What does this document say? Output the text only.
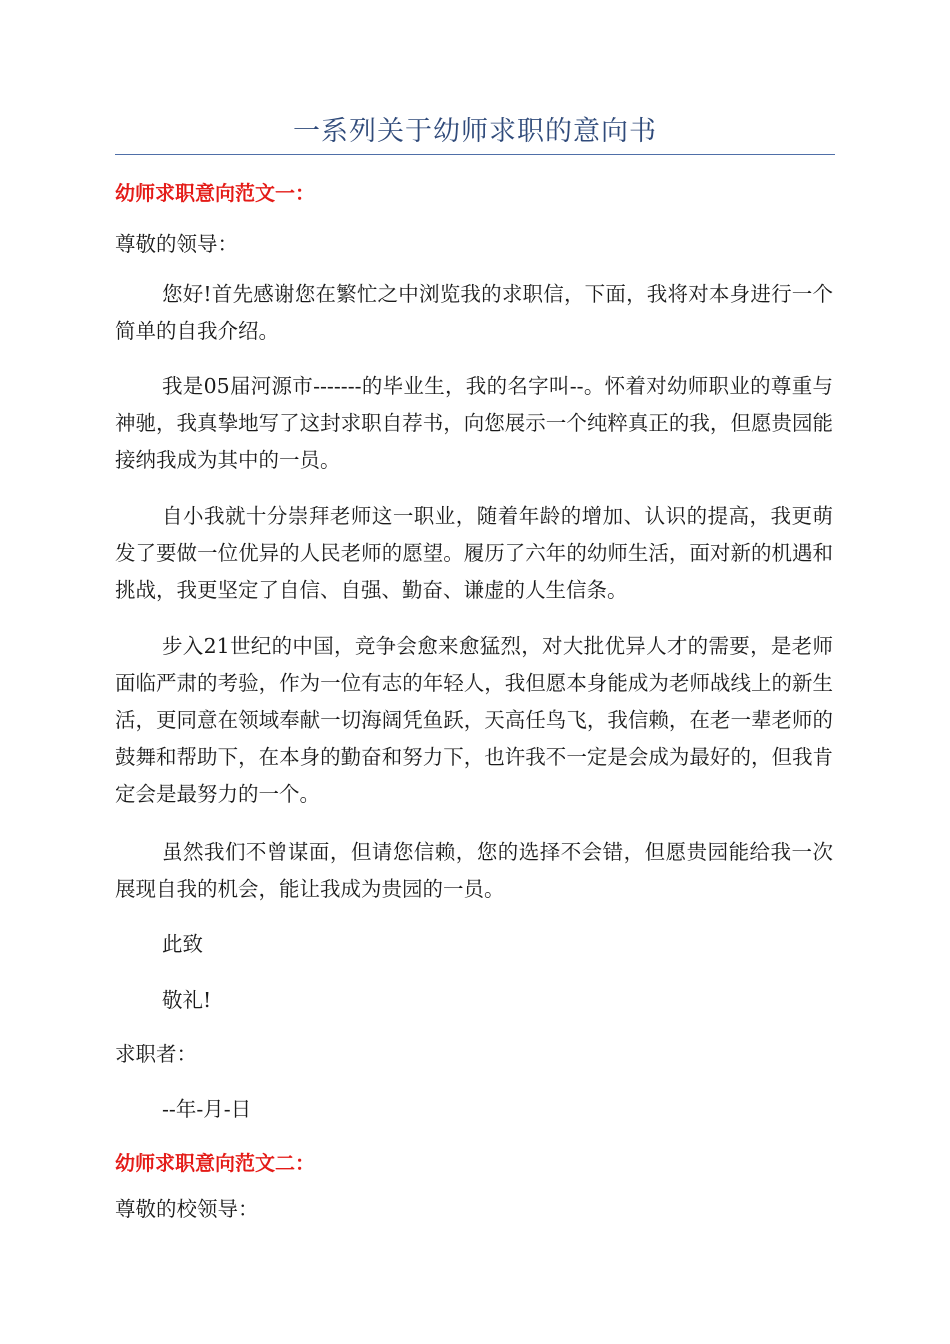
一系列关于幼师求职的意向书
幼师求职意向范文一：
尊敬的领导：
您好!首先感谢您在繁忙之中浏览我的求职信，下面，我将对本身进行一个简单的自我介绍。
我是05届河源市-------的毕业生，我的名字叫--。怀着对幼师职业的尊重与神驰，我真挚地写了这封求职自荐书，向您展示一个纯粹真正的我，但愿贵园能接纳我成为其中的一员。
自小我就十分崇拜老师这一职业，随着年龄的增加、认识的提高，我更萌发了要做一位优异的人民老师的愿望。履历了六年的幼师生活，面对新的机遇和挑战，我更坚定了自信、自强、勤奋、谦虚的人生信条。
步入21世纪的中国，竞争会愈来愈猛烈，对大批优异人才的需要，是老师面临严肃的考验，作为一位有志的年轻人，我但愿本身能成为老师战线上的新生活，更同意在领域奉献一切海阔凭鱼跃，天高任鸟飞，我信赖，在老一辈老师的鼓舞和帮助下，在本身的勤奋和努力下，也许我不一定是会成为最好的，但我肯定会是最努力的一个。
虽然我们不曾谋面，但请您信赖，您的选择不会错，但愿贵园能给我一次展现自我的机会，能让我成为贵园的一员。
此致
敬礼!
求职者：
--年-月-日
幼师求职意向范文二：
尊敬的校领导：
